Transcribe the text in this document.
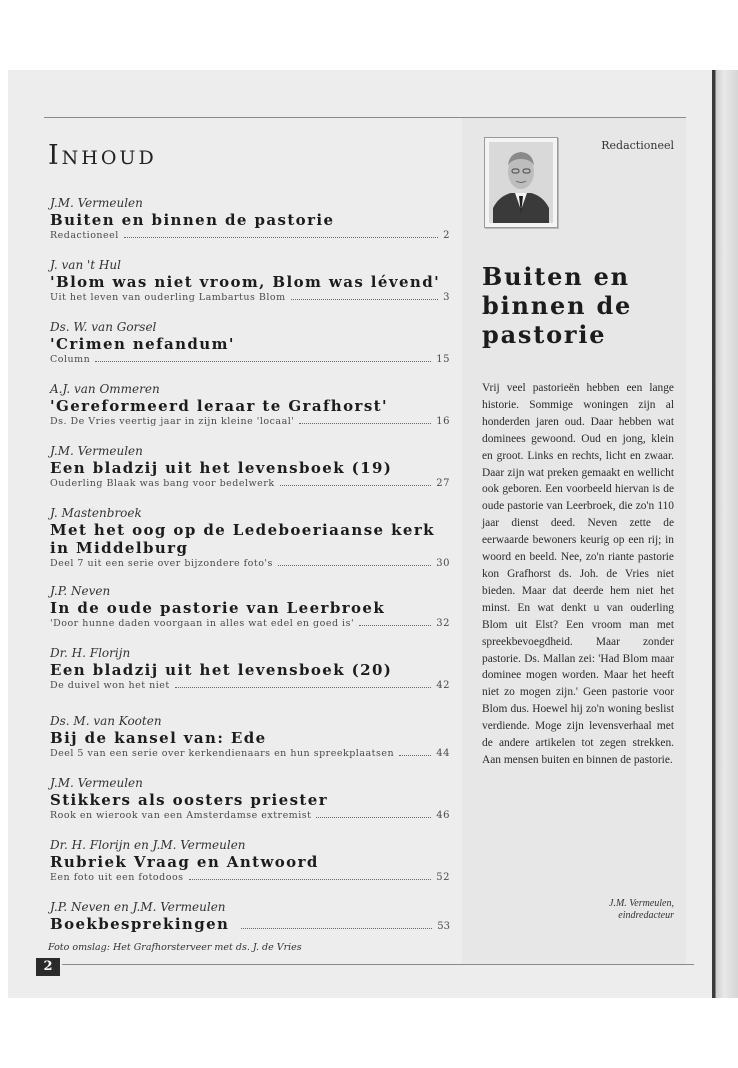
Inhoud
J.M. Vermeulen
Buiten en binnen de pastorie
Redactioneel	2
J. van 't Hul
'Blom was niet vroom, Blom was lévend'
Uit het leven van ouderling Lambartus Blom	3
Ds. W. van Gorsel
'Crimen nefandum'
Column	15
A.J. van Ommeren
'Gereformeerd leraar te Grafhorst'
Ds. De Vries veertig jaar in zijn kleine 'locaal'	16
J.M. Vermeulen
Een bladzij uit het levensboek (19)
Ouderling Blaak was bang voor bedelwerk	27
J. Mastenbroek
Met het oog op de Ledeboeriaanse kerk
in Middelburg
Deel 7 uit een serie over bijzondere foto's	30
J.P. Neven
In de oude pastorie van Leerbroek
'Door hunne daden voorgaan in alles wat edel en goed is'	32
Dr. H. Florijn
Een bladzij uit het levensboek (20)
De duivel won het niet	42
Ds. M. van Kooten
Bij de kansel van: Ede
Deel 5 van een serie over kerkendienaars en hun spreekplaatsen	44
J.M. Vermeulen
Stikkers als oosters priester
Rook en wierook van een Amsterdamse extremist	46
Dr. H. Florijn en J.M. Vermeulen
Rubriek Vraag en Antwoord
Een foto uit een fotodoos	52
J.P. Neven en J.M. Vermeulen
Boekbesprekingen	53
Foto omslag: Het Grafhorsterveer met ds. J. de Vries
2
Redactioneel
Buiten en
binnen de
pastorie

Vrij veel pastorieën hebben een lange historie. Sommige woningen zijn al honderden jaren oud. Daar hebben wat dominees gewoond. Oud en jong, klein en groot. Links en rechts, licht en zwaar. Daar zijn wat preken gemaakt en wellicht ook geboren. Een voorbeeld hiervan is de oude pastorie van Leerbroek, die zo'n 110 jaar dienst deed. Neven zette de eerwaarde bewoners keurig op een rij; in woord en beeld. Nee, zo'n riante pastorie kon Grafhorst ds. Joh. de Vries niet bieden. Maar dat deerde hem niet het minst. En wat denkt u van ouderling Blom uit Elst? Een vroom man met spreekbevoegdheid. Maar zonder pastorie. Ds. Mallan zei: 'Had Blom maar dominee mogen worden. Maar het heeft niet zo mogen zijn.' Geen pastorie voor Blom dus. Hoewel hij zo'n woning beslist verdiende. Moge zijn levensverhaal met de andere artikelen tot zegen strekken. Aan mensen buiten en binnen de pastorie.

J.M. Vermeulen,
eindredacteur
